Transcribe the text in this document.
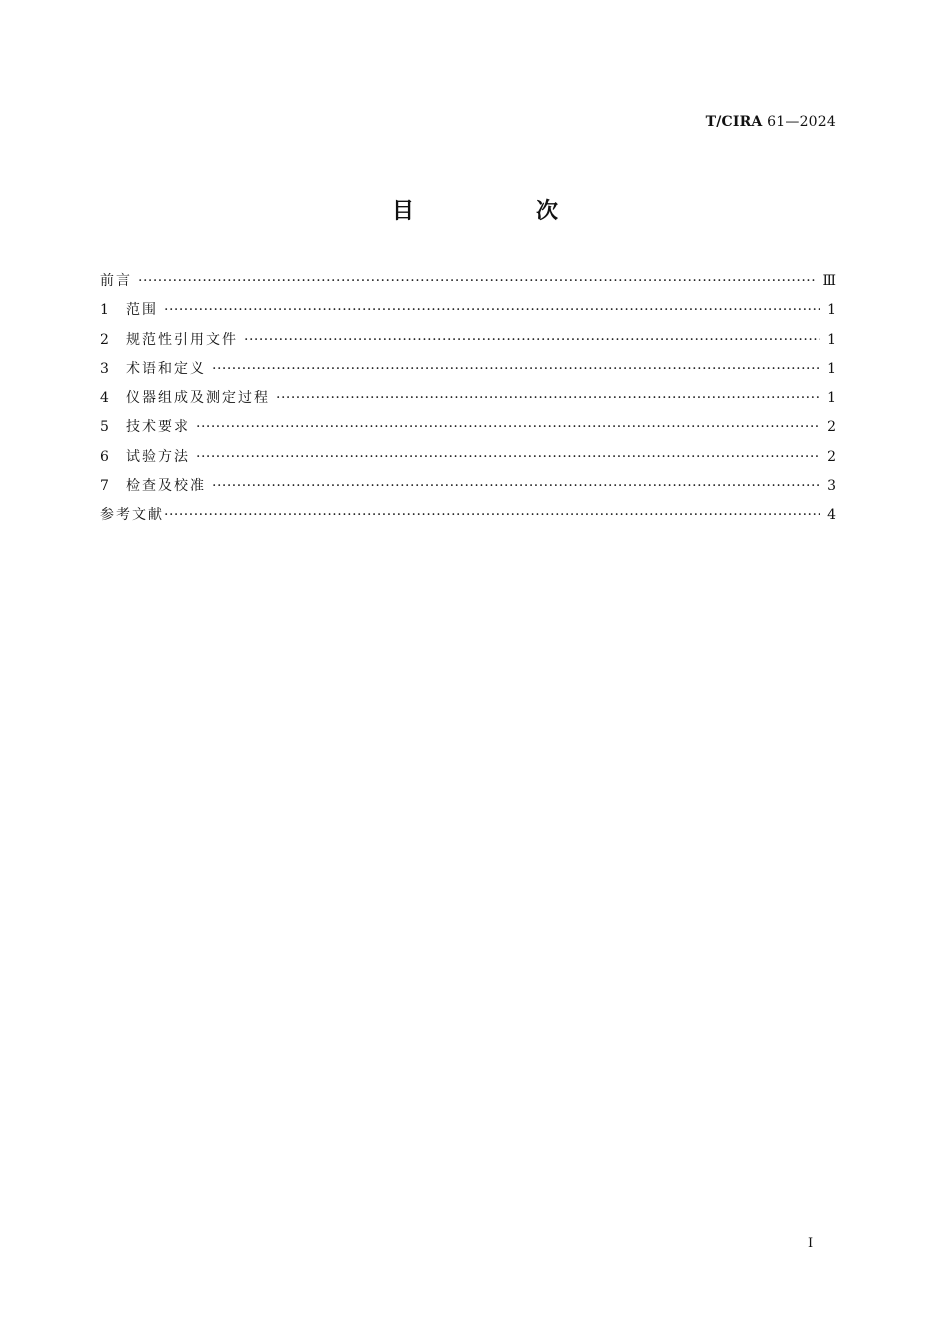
T/CIRA 61—2024
目　次
前言 ·····	Ⅲ
1	范围 ·····	1
2	规范性引用文件 ·····	1
3	术语和定义 ·····	1
4	仪器组成及测定过程 ·····	1
5	技术要求 ·····	2
6	试验方法 ·····	2
7	检查及校准 ·····	3
参考文献 ·····	4
I
